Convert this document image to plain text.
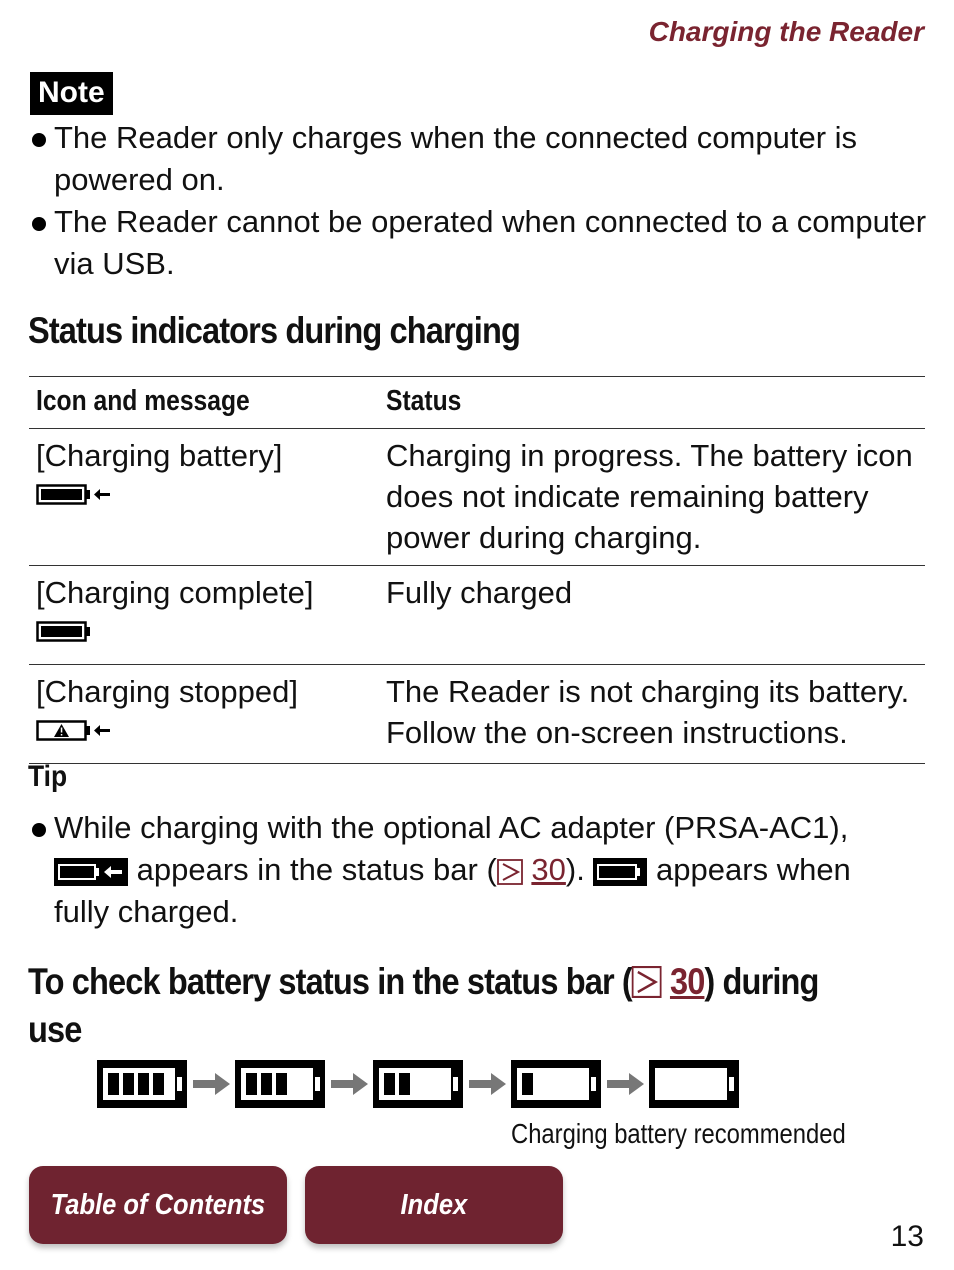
Charging the Reader
Note
The Reader only charges when the connected computer is powered on.
The Reader cannot be operated when connected to a computer via USB.
Status indicators during charging
Icon and message	Status

[Charging battery]	Charging in progress. The battery icon does not indicate remaining battery power during charging.

[Charging complete]	Fully charged

[Charging stopped]	The Reader is not charging its battery. Follow the on-screen instructions.
Tip
While charging with the optional AC adapter (PRSA-AC1),
appears in the status bar ( 30).  appears when
fully charged.
To check battery status in the status bar ( 30) during
use
Charging battery recommended
Table of Contents	Index
13
